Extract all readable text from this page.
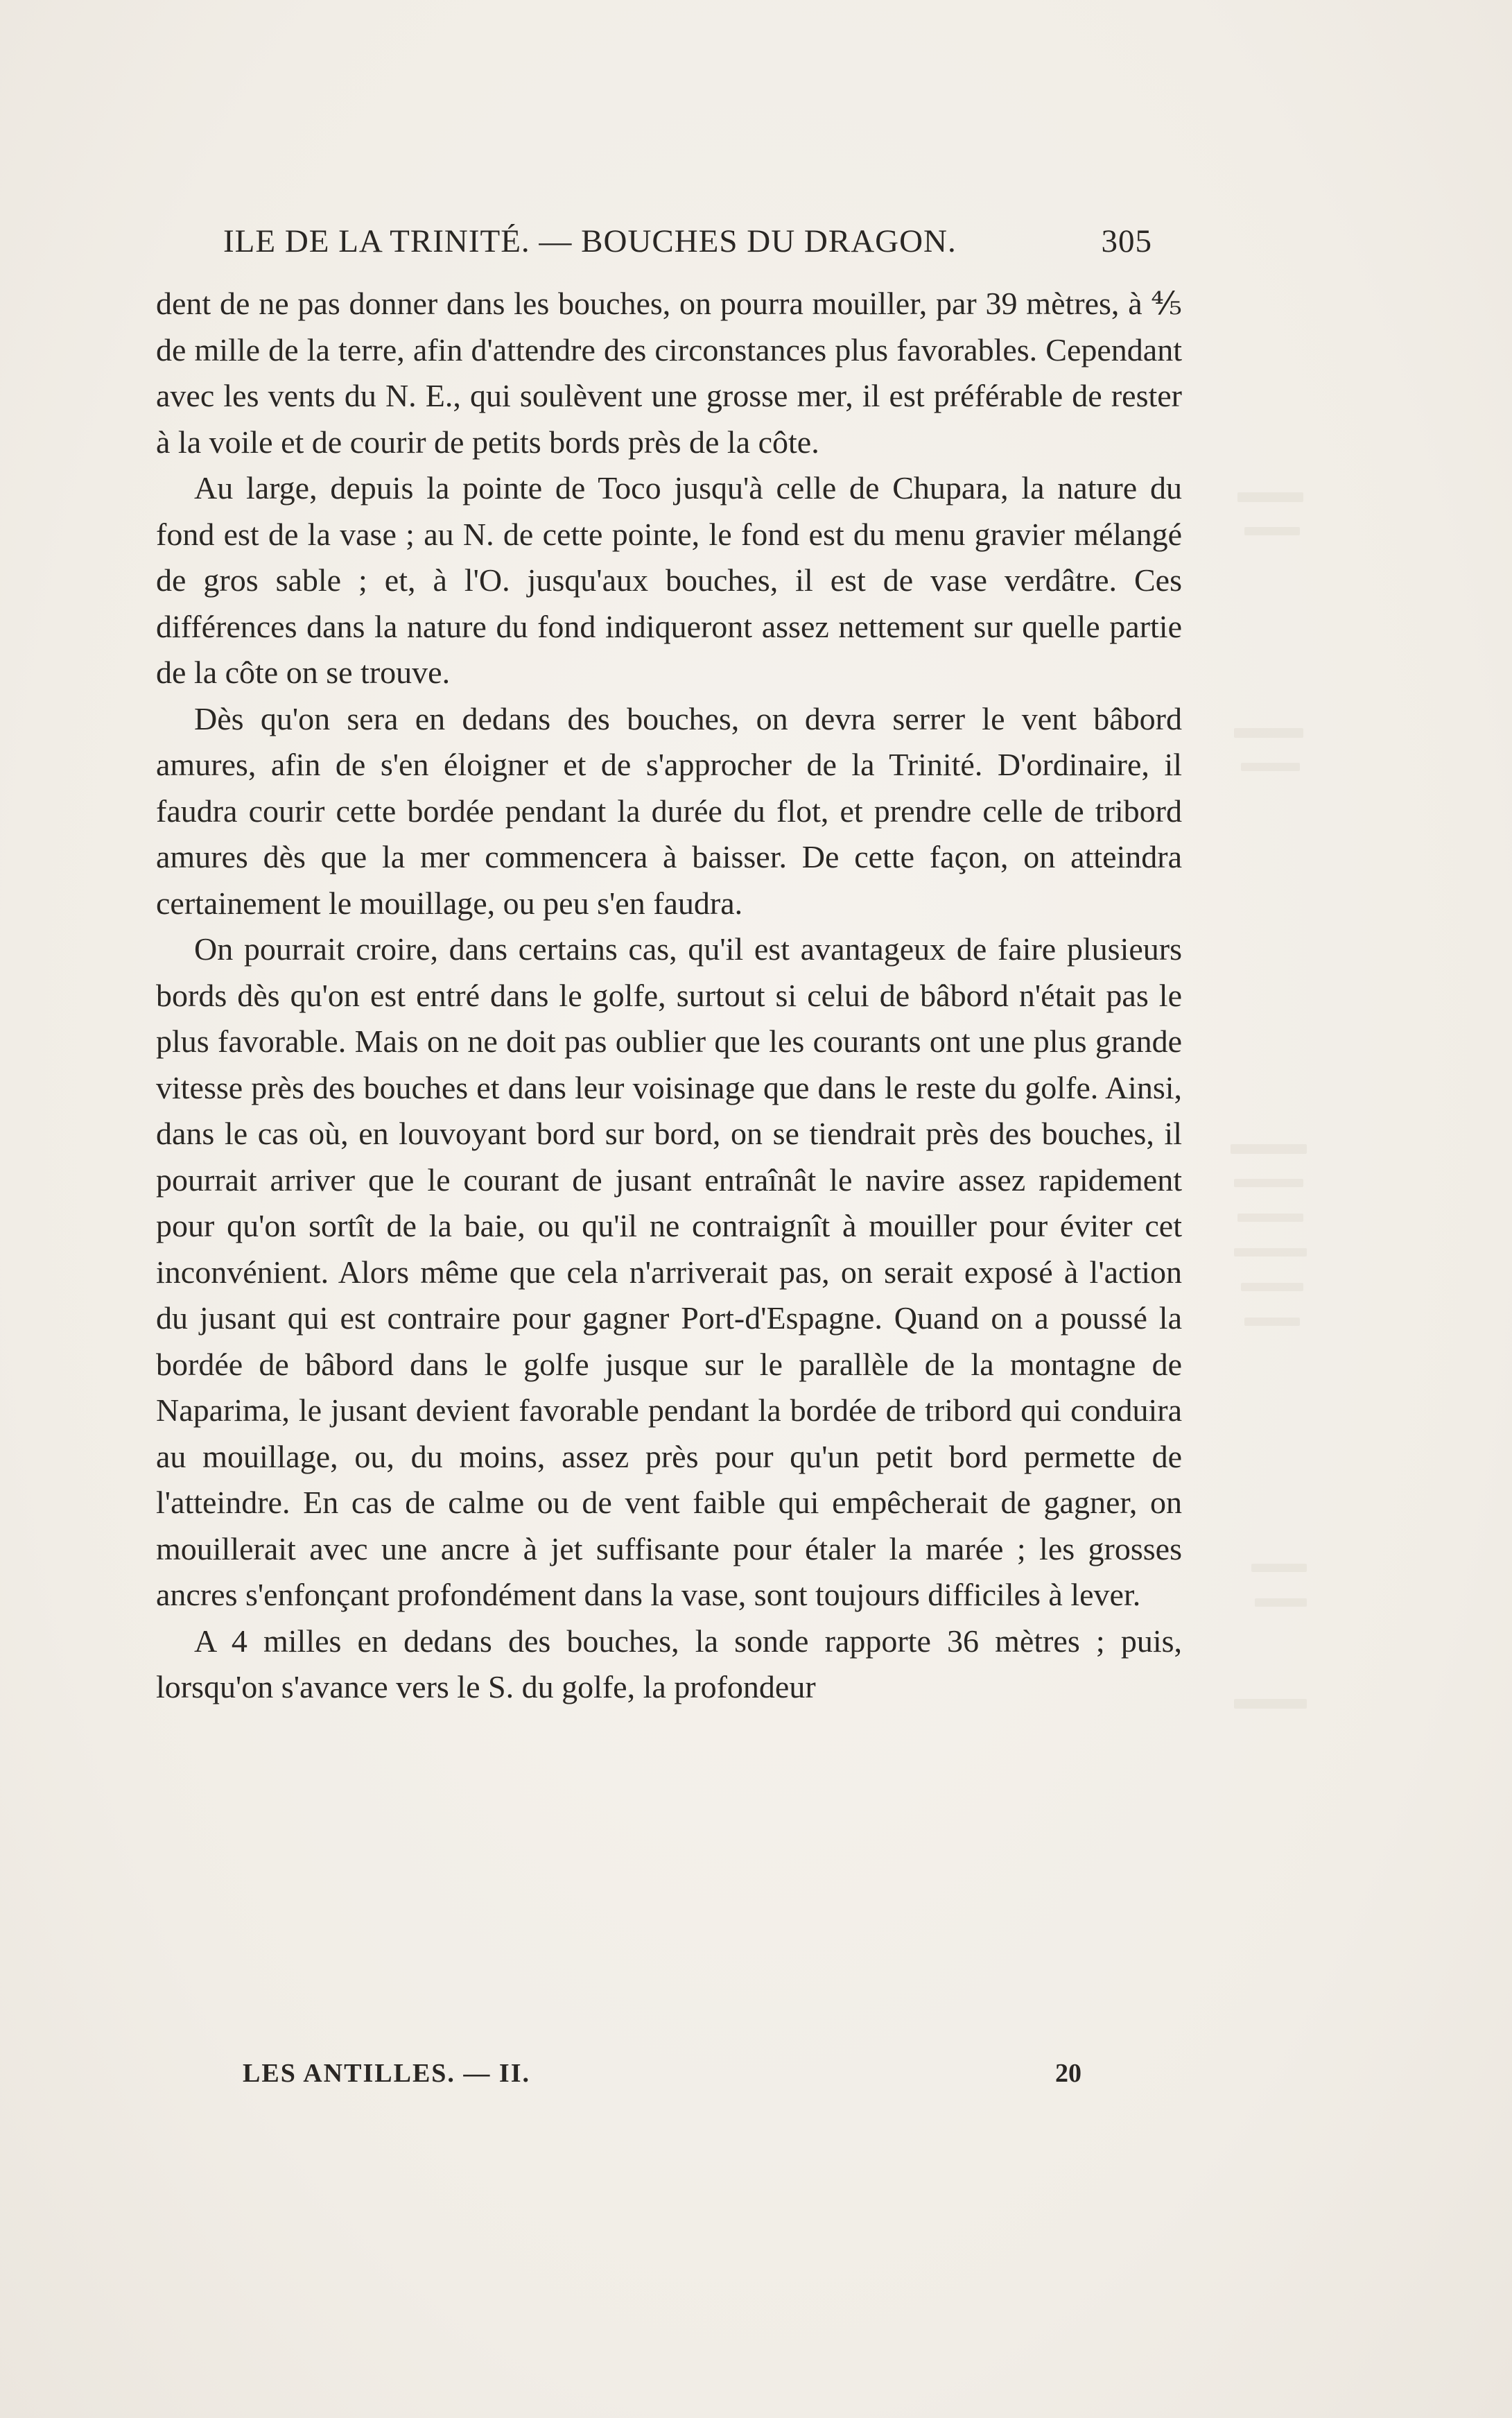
ILE DE LA TRINITÉ. — BOUCHES DU DRAGON.	305

dent de ne pas donner dans les bouches, on pourra mouiller, par 39 mètres, à ⅘ de mille de la terre, afin d'attendre des circonstances plus favorables. Cependant avec les vents du N. E., qui soulèvent une grosse mer, il est préférable de rester à la voile et de courir de petits bords près de la côte.

Au large, depuis la pointe de Toco jusqu'à celle de Chupara, la nature du fond est de la vase ; au N. de cette pointe, le fond est du menu gravier mélangé de gros sable ; et, à l'O. jusqu'aux bouches, il est de vase verdâtre. Ces différences dans la nature du fond indiqueront assez nettement sur quelle partie de la côte on se trouve.

Dès qu'on sera en dedans des bouches, on devra serrer le vent bâbord amures, afin de s'en éloigner et de s'approcher de la Trinité. D'ordinaire, il faudra courir cette bordée pendant la durée du flot, et prendre celle de tribord amures dès que la mer commencera à baisser. De cette façon, on atteindra certainement le mouillage, ou peu s'en faudra.

On pourrait croire, dans certains cas, qu'il est avantageux de faire plusieurs bords dès qu'on est entré dans le golfe, surtout si celui de bâbord n'était pas le plus favorable. Mais on ne doit pas oublier que les courants ont une plus grande vitesse près des bouches et dans leur voisinage que dans le reste du golfe. Ainsi, dans le cas où, en louvoyant bord sur bord, on se tiendrait près des bouches, il pourrait arriver que le courant de jusant entraînât le navire assez rapidement pour qu'on sortît de la baie, ou qu'il ne contraignît à mouiller pour éviter cet inconvénient. Alors même que cela n'arriverait pas, on serait exposé à l'action du jusant qui est contraire pour gagner Port-d'Espagne. Quand on a poussé la bordée de bâbord dans le golfe jusque sur le parallèle de la montagne de Naparima, le jusant devient favorable pendant la bordée de tribord qui conduira au mouillage, ou, du moins, assez près pour qu'un petit bord permette de l'atteindre. En cas de calme ou de vent faible qui empêcherait de gagner, on mouillerait avec une ancre à jet suffisante pour étaler la marée ; les grosses ancres s'enfonçant profondément dans la vase, sont toujours difficiles à lever.

A 4 milles en dedans des bouches, la sonde rapporte 36 mètres ; puis, lorsqu'on s'avance vers le S. du golfe, la profondeur

LES ANTILLES. — II.	20
